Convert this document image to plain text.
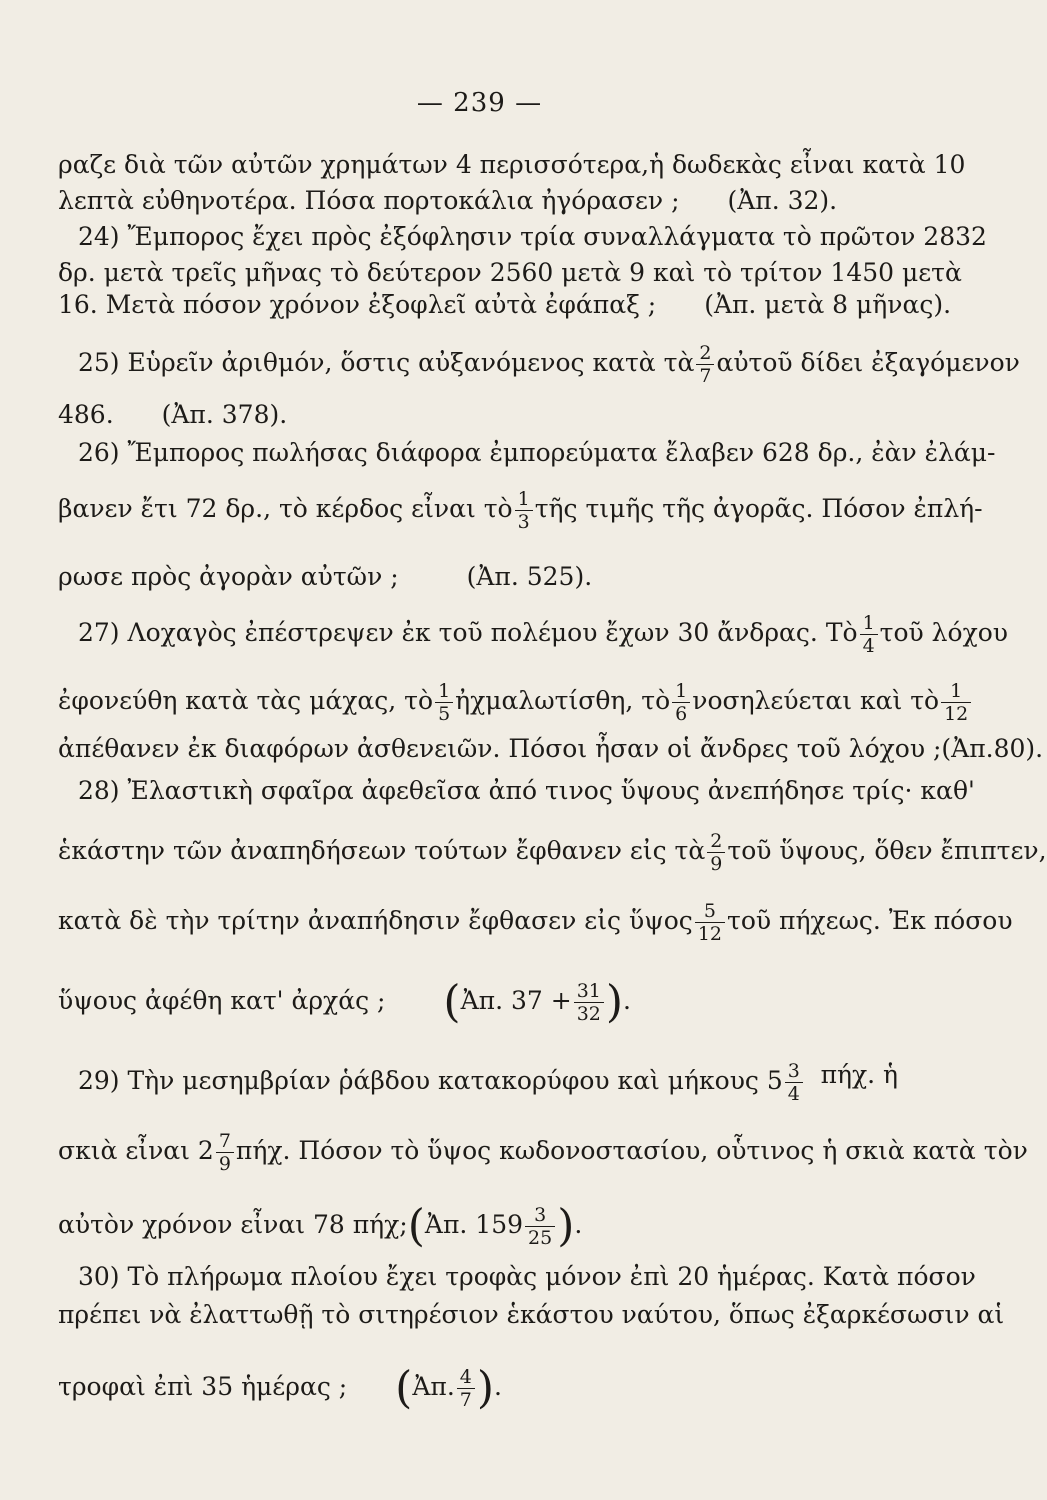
— 239 —
ραζε διὰ τῶν αὐτῶν χρημάτων 4 περισσότερα, ἡ δωδεκὰς εἶναι κατὰ 10
λεπτὰ εὐθηνοτέρα. Πόσα πορτοκάλια ἠγόρασεν ; (Ἀπ. 32).
24) Ἔμπορος ἔχει πρὸς ἐξόφλησιν τρία συναλλάγματα τὸ πρῶτον 2832
δρ. μετὰ τρεῖς μῆνας τὸ δεύτερον 2560 μετὰ 9 καὶ τὸ τρίτον 1450 μετὰ
16. Μετὰ πόσον χρόνον ἐξοφλεῖ αὐτὰ ἐφάπαξ ; (Ἀπ. μετὰ 8 μῆνας).
25) Εὑρεῖν ἀριθμόν, ὅστις αὐξανόμενος κατὰ τὰ $\frac{2}{7}$ αὐτοῦ δίδει ἐξαγόμενον
486. (Ἀπ. 378).
26) Ἔμπορος πωλήσας διάφορα ἐμπορεύματα ἔλαβεν 628 δρ., ἐὰν ἐλάμ-
βανεν ἔτι 72 δρ., τὸ κέρδος εἶναι τὸ $\frac{1}{3}$ τῆς τιμῆς τῆς ἀγορᾶς. Πόσον ἐπλή-
ρωσε πρὸς ἀγορὰν αὐτῶν ;	(Ἀπ. 525).
27) Λοχαγὸς ἐπέστρεψεν ἐκ τοῦ πολέμου ἔχων 30 ἄνδρας. Τὸ $\frac{1}{4}$ τοῦ λόχου
ἐφονεύθη κατὰ τὰς μάχας, τὸ $\frac{1}{5}$ ἠχμαλωτίσθη, τὸ $\frac{1}{6}$ νοσηλεύεται καὶ τὸ $\frac{1}{12}$
ἀπέθανεν ἐκ διαφόρων ἀσθενειῶν. Πόσοι ἦσαν οἱ ἄνδρες τοῦ λόχου ; (Ἀπ.80).
28) Ἐλαστικὴ σφαῖρα ἀφεθεῖσα ἀπό τινος ὕψους ἀνεπήδησε τρίς· καθ'
ἑκάστην τῶν ἀναπηδήσεων τούτων ἔφθανεν εἰς τὰ $\frac{2}{9}$ τοῦ ὕψους, ὅθεν ἔπιπτεν,
κατὰ δὲ τὴν τρίτην ἀναπήδησιν ἔφθασεν εἰς ὕψος $\frac{5}{12}$ τοῦ πήχεως. Ἐκ πόσου
ὕψους ἀφέθη κατ' ἀρχάς ; (Ἀπ. $37 + \frac{31}{32}$ ).
29) Τὴν μεσημβρίαν ῥάβδου κατακορύφου καὶ μήκους $5 \frac{3}{4} \pi ή\chi$. ἡ
σκιὰ εἶναι $2 \frac{7}{9} \pi ή\chi$. Πόσον τὸ ὕψος κωδονοστασίου, οὗτινος ἡ σκιὰ κατὰ τὸν
αὐτὸν χρόνον εἶναι 78 πήχ;(Ἀπ. $159 \frac{3}{25}$ ).
30) Τὸ πλήρωμα πλοίου ἔχει τροφὰς μόνον ἐπὶ 20 ἡμέρας. Κατὰ πόσον
πρέπει νὰ ἐλαττωθῇ τὸ σιτηρέσιον ἑκάστου ναύτου, ὅπως ἐξαρκέσωσιν αἱ
τροφαὶ ἐπὶ 35 ἡμέρας ; (Ἀπ. $\frac{4}{7}$ ).
